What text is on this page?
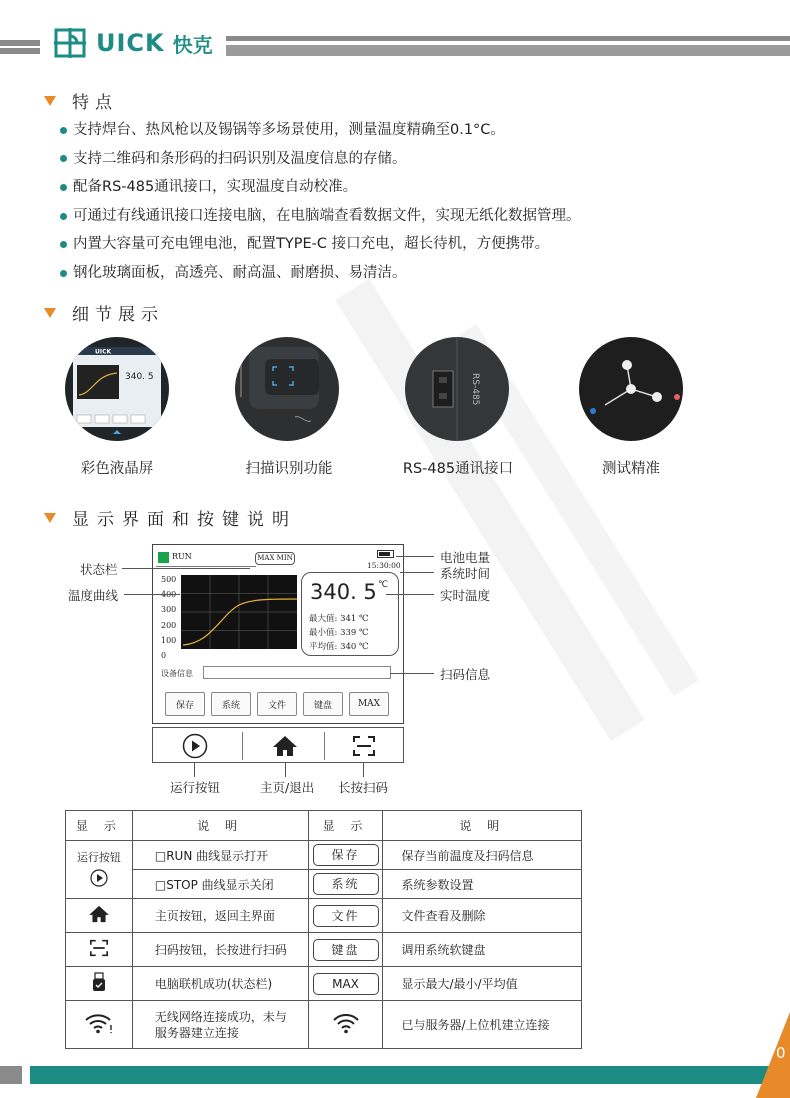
UICK 快克
特点
支持焊台、热风枪以及锡锅等多场景使用，测量温度精确至0.1°C。
支持二维码和条形码的扫码识别及温度信息的存储。
配备RS-485通讯接口，实现温度自动校准。
可通过有线通讯接口连接电脑，在电脑端查看数据文件，实现无纸化数据管理。
内置大容量可充电锂电池，配置TYPE-C 接口充电，超长待机，方便携带。
钢化玻璃面板，高透亮、耐高温、耐磨损、易清洁。
细节展示
UICK
340. 5	RS-485
彩色液晶屏	扫描识别功能	RS-485通讯接口	测试精准
显示界面和按键说明
RUN	MAX MIN
15:30:00
500
300
200
100
0
340. 5 ℃
最大值: 341 ℃
最小值: 339 ℃
平均值: 340 ℃
设备信息
保存	系统	文件	键盘	MAX
状态栏
温度曲线
电池电量
系统时间
实时温度
扫码信息
运行按钮	主页/退出 长按扫码
显 示	说 明	显 示	说 明

运行按钮	□RUN 曲线显示打开	保存	保存当前温度及扫码信息
	□STOP 曲线显示关闭	系统	系统参数设置
	主页按钮，返回主界面	文件	文件查看及删除
	扫码按钮，长按进行扫码	键盘	调用系统软键盘
	电脑联机成功(状态栏)	MAX	显示最大/最小/平均值

无线网络连接成功，未与
服务器建立连接		已与服务器/上位机建立连接
0
